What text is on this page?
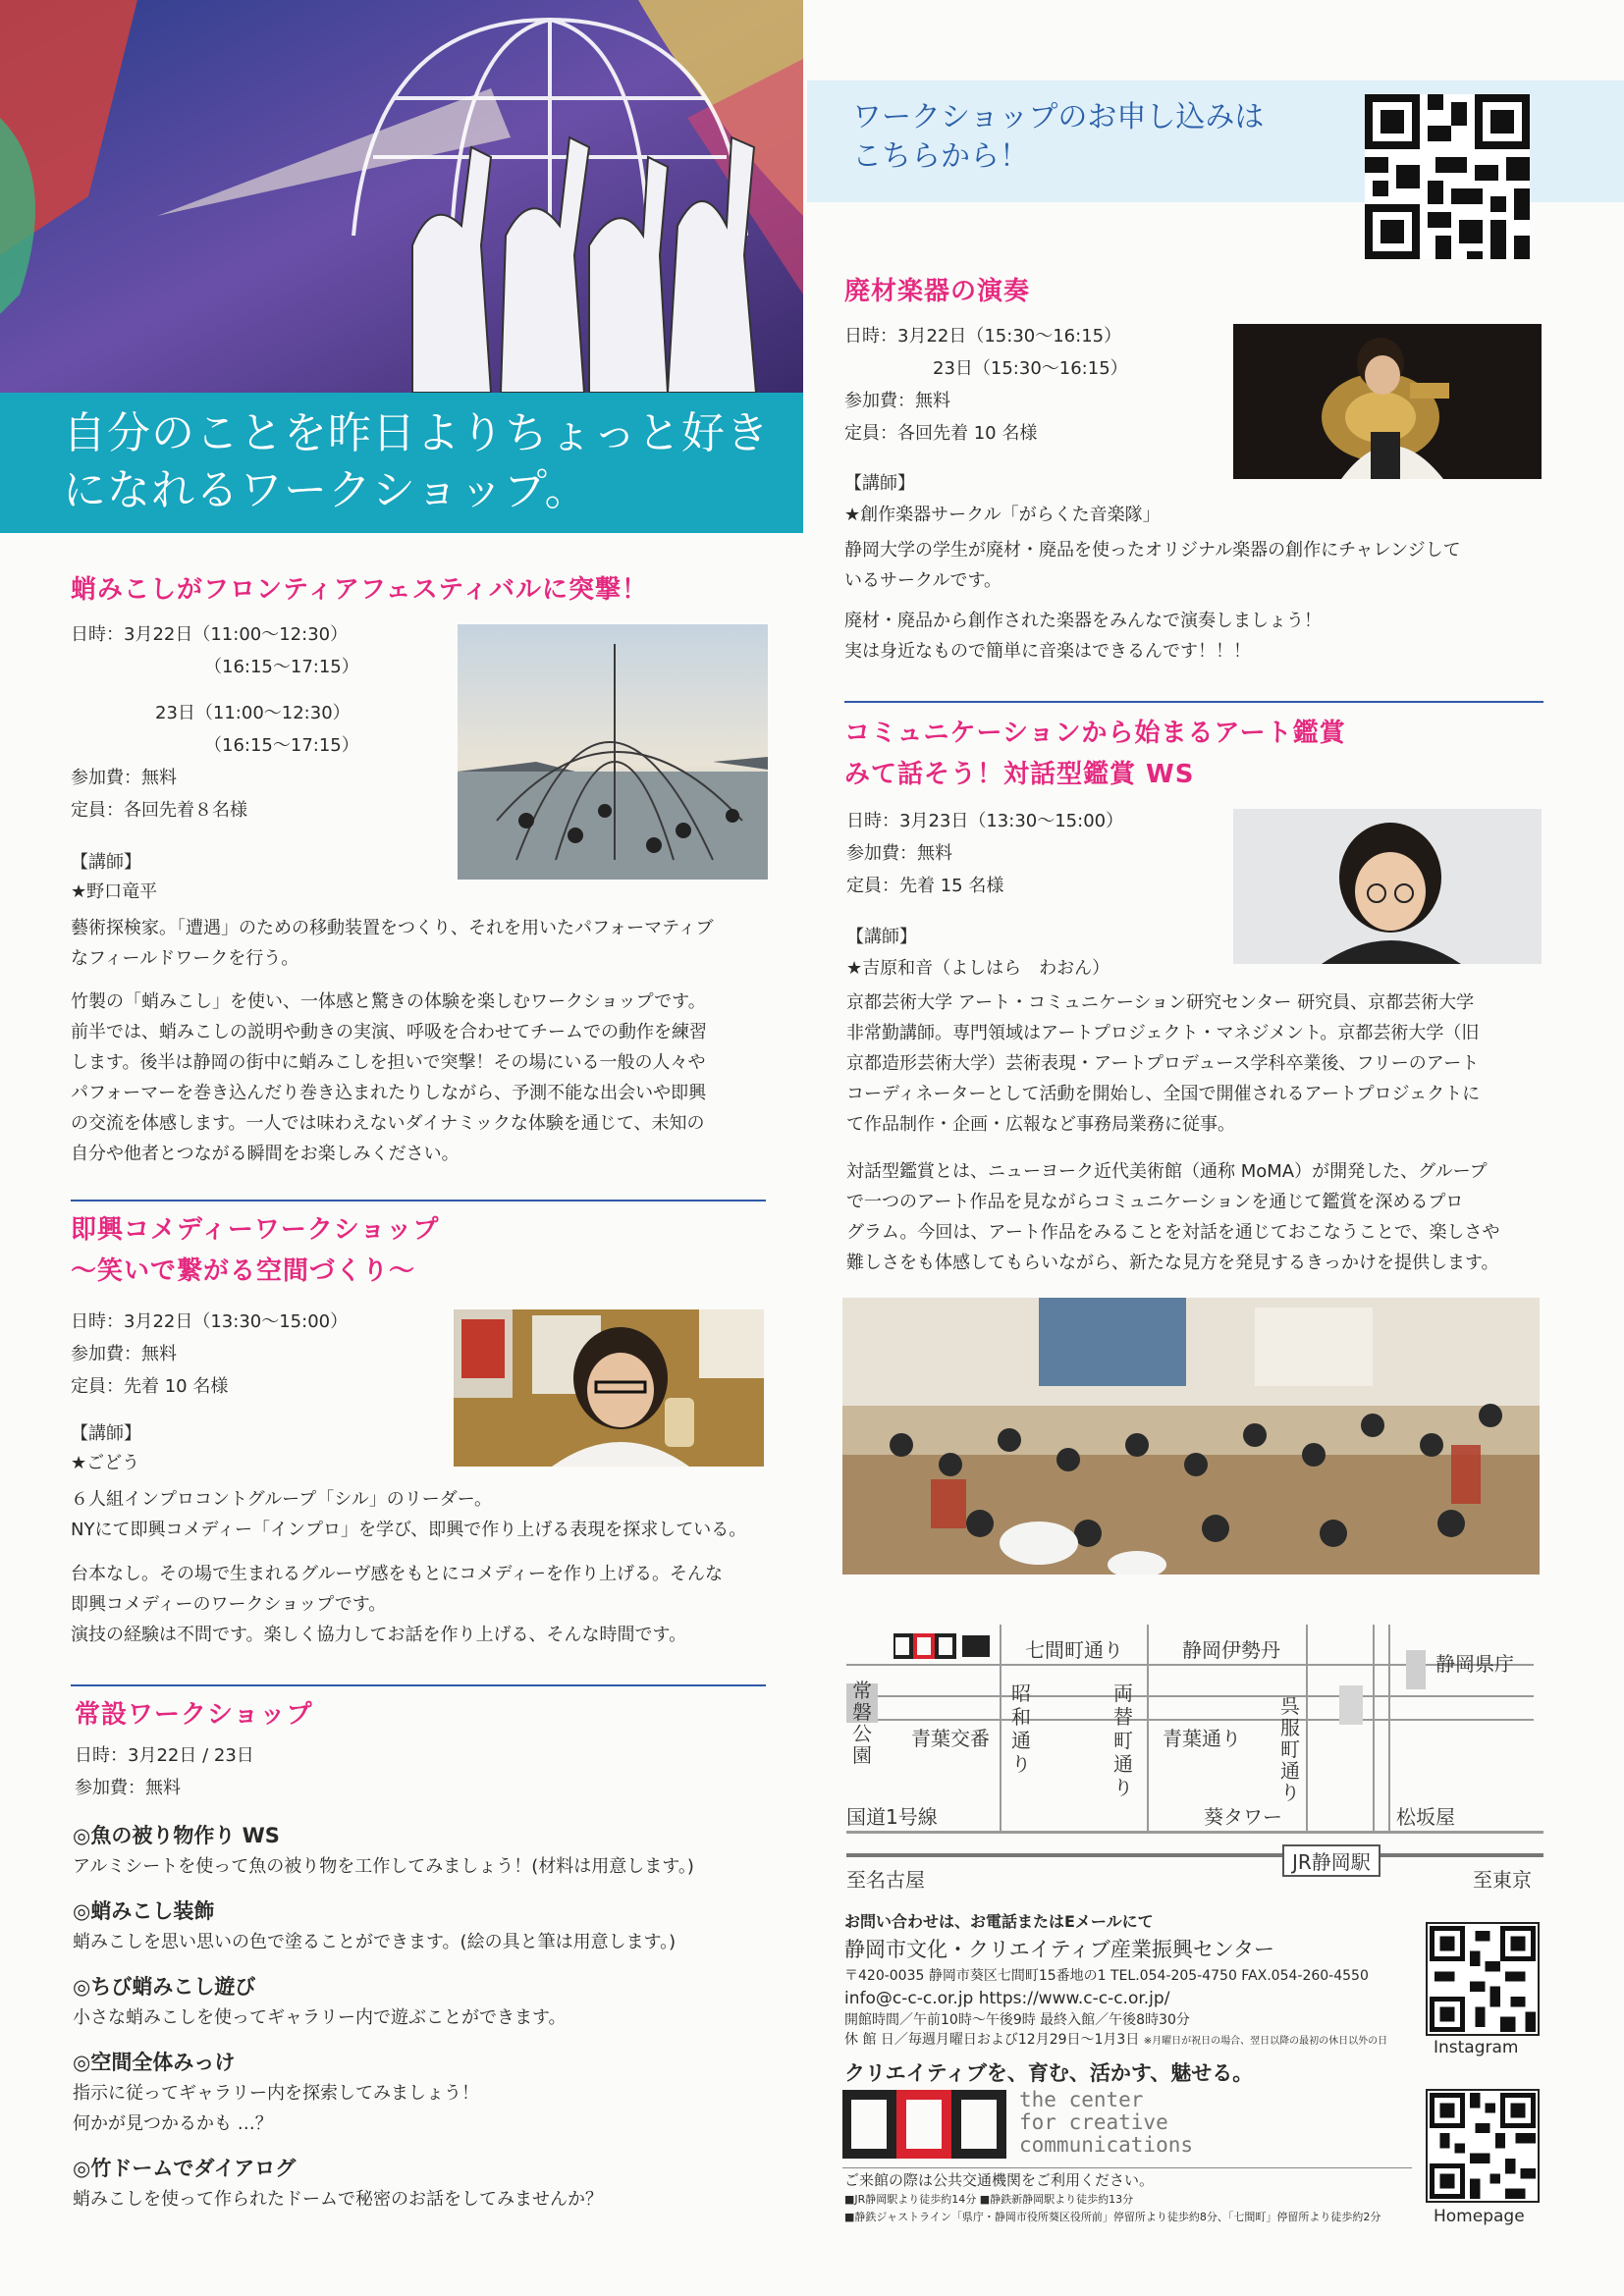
自分のことを昨日よりちょっと好き
になれるワークショップ。
ワークショップのお申し込みは
こちらから！
蛸みこしがフロンティアフェスティバルに突撃！
日時：3月22日（11:00〜12:30）
（16:15〜17:15）
23日（11:00〜12:30）
（16:15〜17:15）
参加費：無料
定員：各回先着８名様
【講師】
★野口竜平
藝術探検家。「遭遇」のための移動装置をつくり、それを用いたパフォーマティブ
なフィールドワークを行う。
竹製の「蛸みこし」を使い、一体感と驚きの体験を楽しむワークショップです。
前半では、蛸みこしの説明や動きの実演、呼吸を合わせてチームでの動作を練習
します。後半は静岡の街中に蛸みこしを担いで突撃！その場にいる一般の人々や
パフォーマーを巻き込んだり巻き込まれたりしながら、予測不能な出会いや即興
の交流を体感します。一人では味わえないダイナミックな体験を通じて、未知の
自分や他者とつながる瞬間をお楽しみください。
即興コメディーワークショップ
〜笑いで繋がる空間づくり〜
日時：3月22日（13:30〜15:00）
参加費：無料
定員：先着 10 名様
【講師】
★ごどう
６人組インプロコントグループ「シル」のリーダー。
NYにて即興コメディー「インプロ」を学び、即興で作り上げる表現を探求している。
台本なし。その場で生まれるグルーヴ感をもとにコメディーを作り上げる。そんな
即興コメディーのワークショップです。
演技の経験は不問です。楽しく協力してお話を作り上げる、そんな時間です。
常設ワークショップ
日時：3月22日 / 23日
参加費：無料
◎魚の被り物作り WS
アルミシートを使って魚の被り物を工作してみましょう！(材料は用意します。)
◎蛸みこし装飾
蛸みこしを思い思いの色で塗ることができます。(絵の具と筆は用意します。)
◎ちび蛸みこし遊び
小さな蛸みこしを使ってギャラリー内で遊ぶことができます。
◎空間全体みっけ
指示に従ってギャラリー内を探索してみましょう！
何かが見つかるかも …？
◎竹ドームでダイアログ
蛸みこしを使って作られたドームで秘密のお話をしてみませんか？
廃材楽器の演奏
日時：3月22日（15:30〜16:15）
23日（15:30〜16:15）
参加費：無料
定員：各回先着 10 名様
【講師】
★創作楽器サークル「がらくた音楽隊」
静岡大学の学生が廃材・廃品を使ったオリジナル楽器の創作にチャレンジして
いるサークルです。
廃材・廃品から創作された楽器をみんなで演奏しましょう！
実は身近なもので簡単に音楽はできるんです！！！
コミュニケーションから始まるアート鑑賞
みて話そう！対話型鑑賞 WS
日時：3月23日（13:30〜15:00）
参加費：無料
定員：先着 15 名様
【講師】
★吉原和音（よしはら　わおん）
京都芸術大学 アート・コミュニケーション研究センター 研究員、京都芸術大学
非常勤講師。専門領域はアートプロジェクト・マネジメント。京都芸術大学（旧
京都造形芸術大学）芸術表現・アートプロデュース学科卒業後、フリーのアート
コーディネーターとして活動を開始し、全国で開催されるアートプロジェクトに
て作品制作・企画・広報など事務局業務に従事。
対話型鑑賞とは、ニューヨーク近代美術館（通称 MoMA）が開発した、グループ
で一つのアート作品を見ながらコミュニケーションを通じて鑑賞を深めるプロ
グラム。今回は、アート作品をみることを対話を通じておこなうことで、楽しさや
難しさをも体感してもらいながら、新たな見方を発見するきっかけを提供します。
七間町通り	静岡伊勢丹
静岡県庁
常磐公園
青葉交番
昭和通り
両替町通り
青葉通り
呉服町通り
国道1号線	葵タワー	松坂屋
至名古屋	至東京
JR静岡駅
お問い合わせは、お電話またはEメールにて
静岡市文化・クリエイティブ産業振興センター
〒420-0035 静岡市葵区七間町15番地の1 TEL.054-205-4750 FAX.054-260-4550
info@c-c-c.or.jp https://www.c-c-c.or.jp/
開館時間／午前10時〜午後9時 最終入館／午後8時30分
休 館 日／毎週月曜日および12月29日〜1月3日 ※月曜日が祝日の場合、翌日以降の最初の休日以外の日
クリエイティブを、育む、活かす、魅せる。
the center
for creative
communications
ご来館の際は公共交通機関をご利用ください。
■JR静岡駅より徒歩約14分 ■静鉄新静岡駅より徒歩約13分
■静鉄ジャストライン「県庁・静岡市役所葵区役所前」停留所より徒歩約8分、「七間町」停留所より徒歩約2分
Instagram
Homepage
